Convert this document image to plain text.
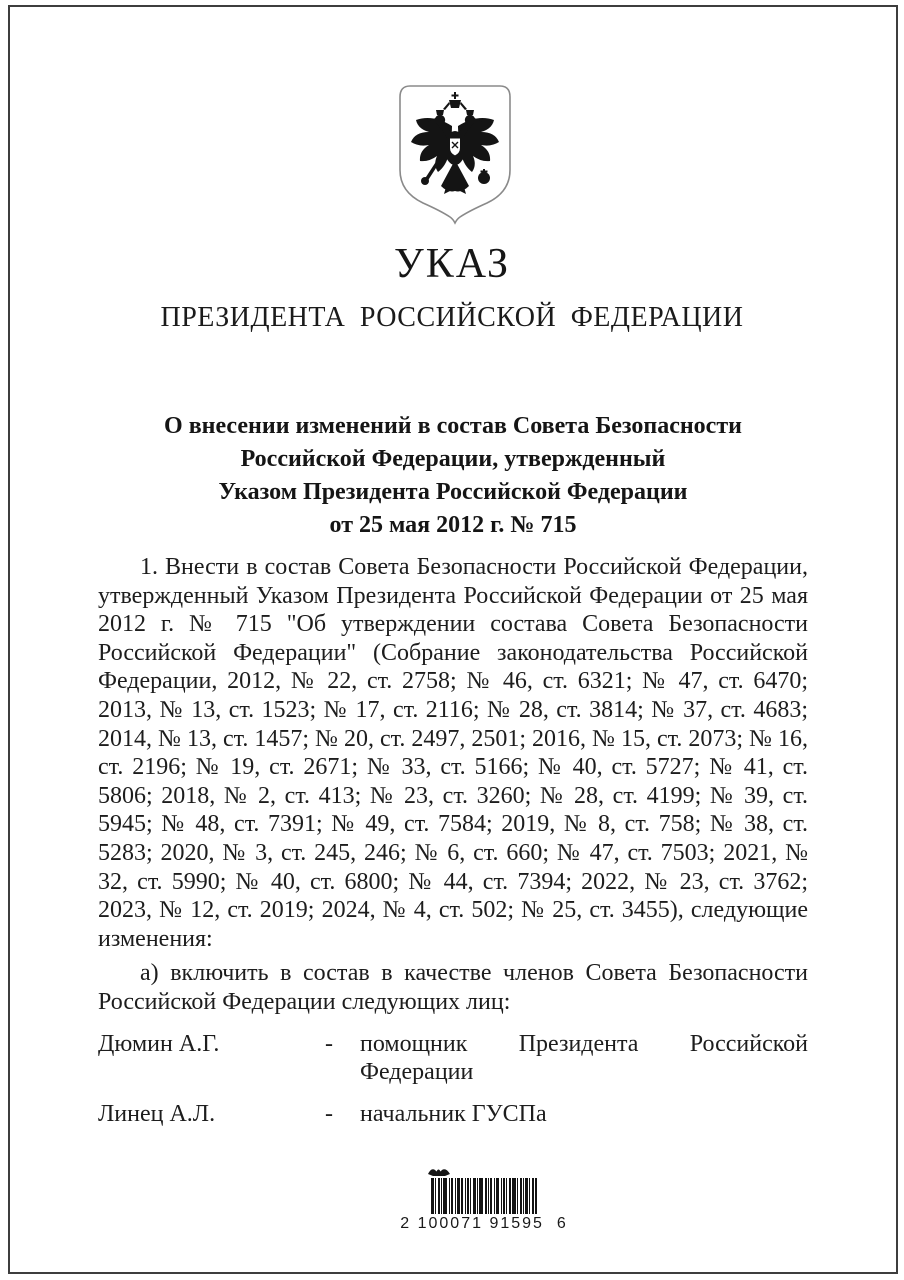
УКАЗ
ПРЕЗИДЕНТА РОССИЙСКОЙ ФЕДЕРАЦИИ
О внесении изменений в состав Совета Безопасности
Российской Федерации, утвержденный
Указом Президента Российской Федерации
от 25 мая 2012 г. № 715

1. Внести в состав Совета Безопасности Российской Федерации, утвержденный Указом Президента Российской Федерации от 25 мая 2012 г. № 715 "Об утверждении состава Совета Безопасности Российской Федерации" (Собрание законодательства Российской Федерации, 2012, № 22, ст. 2758; № 46, ст. 6321; № 47, ст. 6470; 2013, № 13, ст. 1523; № 17, ст. 2116; № 28, ст. 3814; № 37, ст. 4683; 2014, № 13, ст. 1457; № 20, ст. 2497, 2501; 2016, № 15, ст. 2073; № 16, ст. 2196; № 19, ст. 2671; № 33, ст. 5166; № 40, ст. 5727; № 41, ст. 5806; 2018, № 2, ст. 413; № 23, ст. 3260; № 28, ст. 4199; № 39, ст. 5945; № 48, ст. 7391; № 49, ст. 7584; 2019, № 8, ст. 758; № 38, ст. 5283; 2020, № 3, ст. 245, 246; № 6, ст. 660; № 47, ст. 7503; 2021, № 32, ст. 5990; № 40, ст. 6800; № 44, ст. 7394; 2022, № 23, ст. 3762; 2023, № 12, ст. 2019; 2024, № 4, ст. 502; № 25, ст. 3455), следующие изменения:

а) включить в состав в качестве членов Совета Безопасности Российской Федерации следующих лиц:

Дюмин А.Г.	-	помощник Президента Российской Федерации
Линец А.Л.	-	начальник ГУСПа
2 100071 91595  6
